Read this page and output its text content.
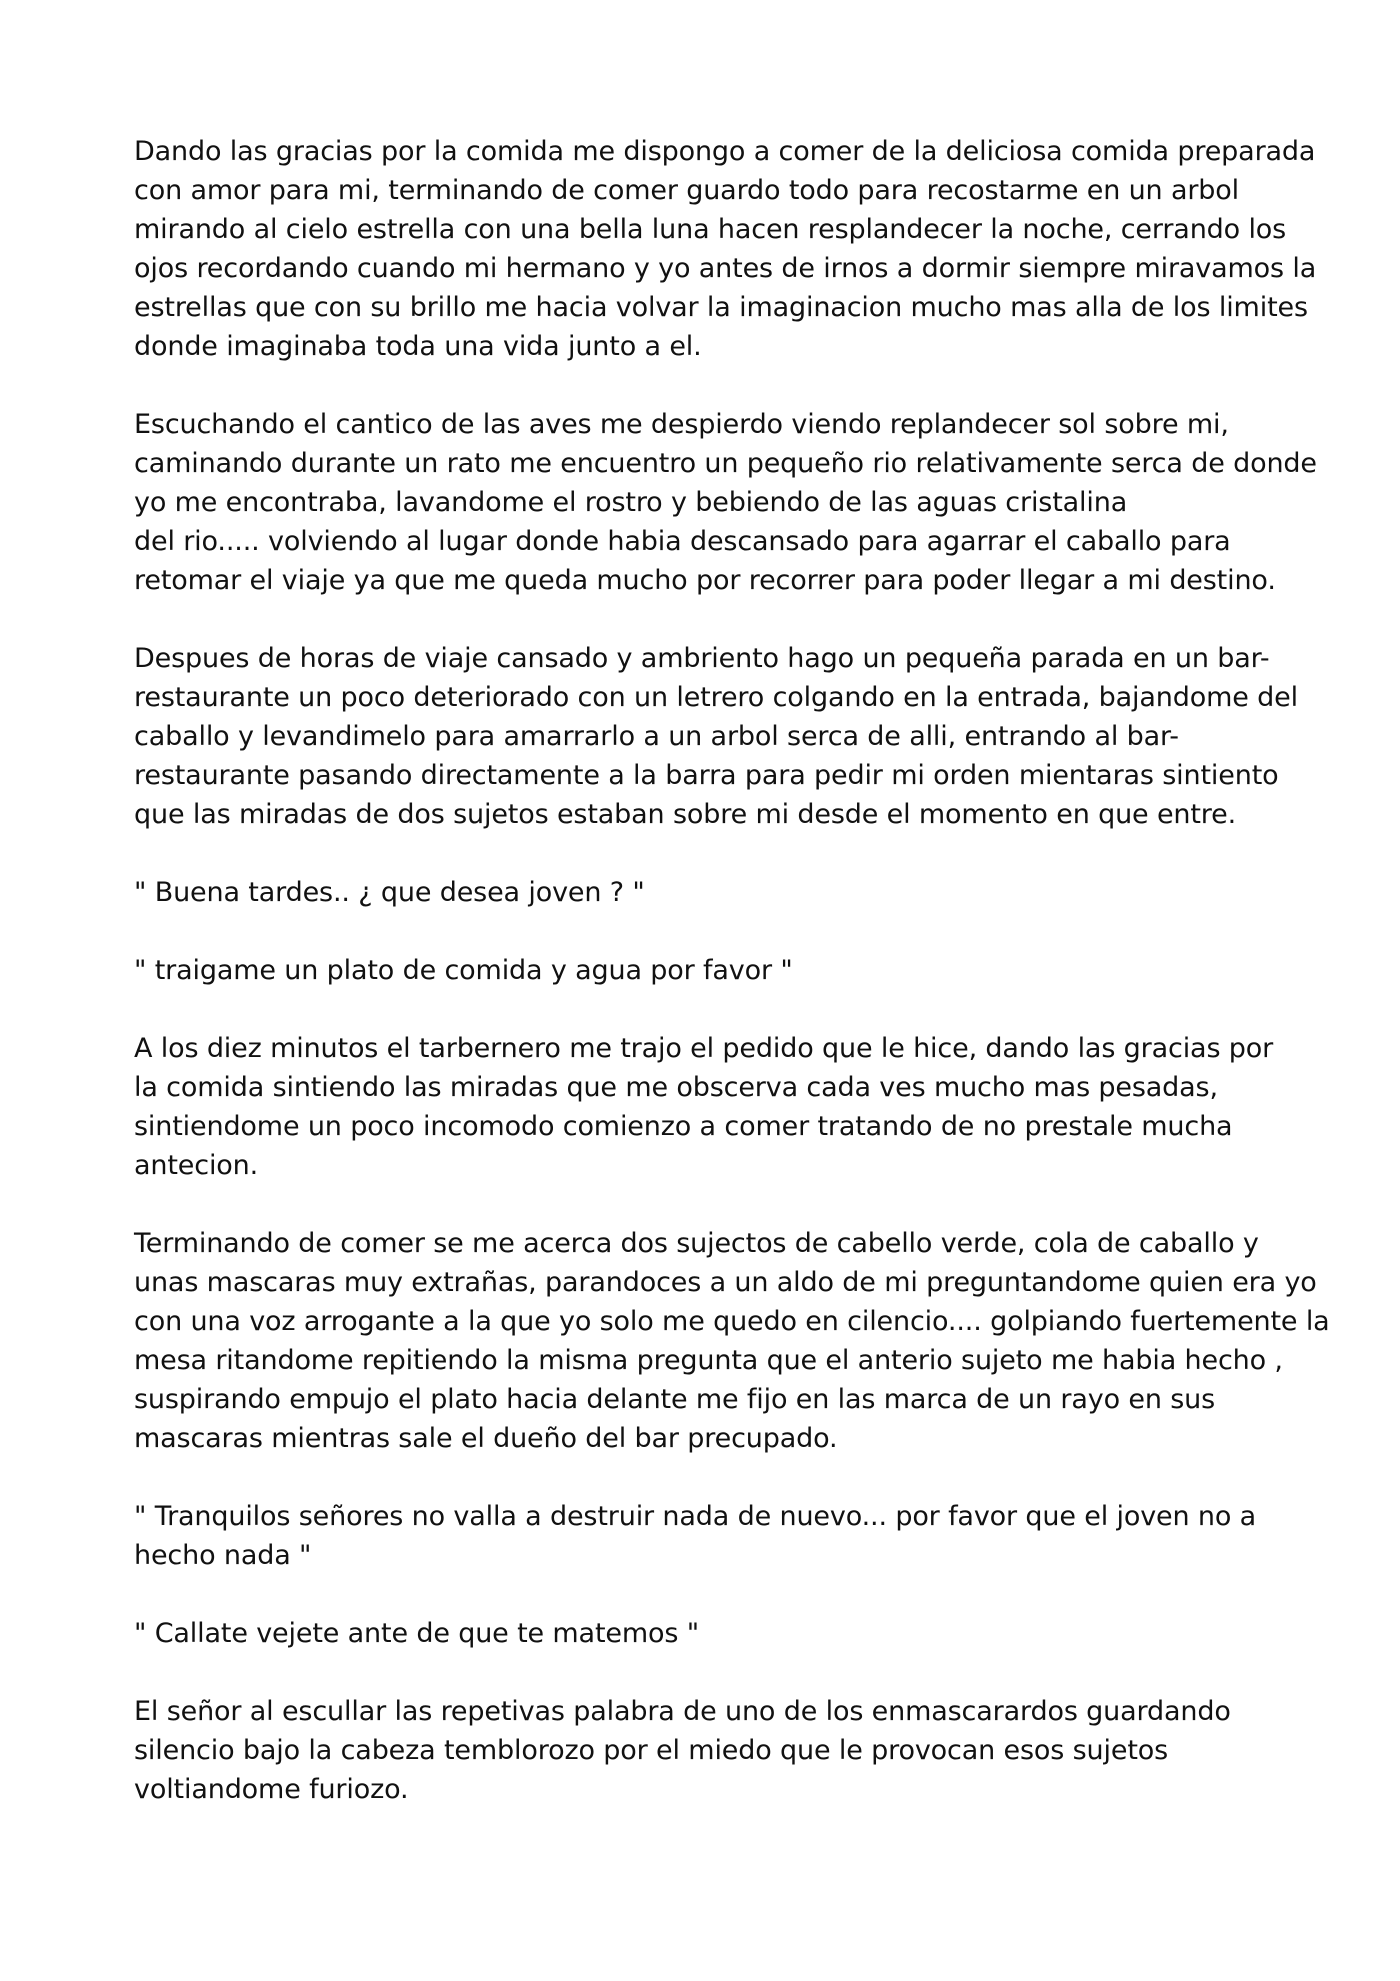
Dando las gracias por la comida me dispongo a comer de la deliciosa comida preparada
con amor para mi, terminando de comer guardo todo para recostarme en un arbol
mirando al cielo estrella con una bella luna hacen resplandecer la noche, cerrando los
ojos recordando cuando mi hermano y yo antes de irnos a dormir siempre miravamos la
estrellas que con su brillo me hacia volvar la imaginacion mucho mas alla de los limites
donde imaginaba toda una vida junto a el.
Escuchando el cantico de las aves me despierdo viendo replandecer sol sobre mi,
caminando durante un rato me encuentro un pequeño rio relativamente serca de donde
yo me encontraba, lavandome el rostro y bebiendo de las aguas cristalina
del rio..... volviendo al lugar donde habia descansado para agarrar el caballo para
retomar el viaje ya que me queda mucho por recorrer para poder llegar a mi destino.
Despues de horas de viaje cansado y ambriento hago un pequeña parada en un bar-
restaurante un poco deteriorado con un letrero colgando en la entrada, bajandome del
caballo y levandimelo para amarrarlo a un arbol serca de alli, entrando al bar-
restaurante pasando directamente a la barra para pedir mi orden mientaras sintiento
que las miradas de dos sujetos estaban sobre mi desde el momento en que entre.
" Buena tardes.. ¿ que desea joven ? "
" traigame un plato de comida y agua por favor "
A los diez minutos el tarbernero me trajo el pedido que le hice, dando las gracias por
la comida sintiendo las miradas que me obscerva cada ves mucho mas pesadas,
sintiendome un poco incomodo comienzo a comer tratando de no prestale mucha
antecion.
Terminando de comer se me acerca dos sujectos de cabello verde, cola de caballo y
unas mascaras muy extrañas, parandoces a un aldo de mi preguntandome quien era yo
con una voz arrogante a la que yo solo me quedo en cilencio.... golpiando fuertemente la
mesa ritandome repitiendo la misma pregunta que el anterio sujeto me habia hecho ,
suspirando empujo el plato hacia delante me fijo en las marca de un rayo en sus
mascaras mientras sale el dueño del bar precupado.
" Tranquilos señores no valla a destruir nada de nuevo... por favor que el joven no a
hecho nada "
" Callate vejete ante de que te matemos "
El señor al escullar las repetivas palabra de uno de los enmascarardos guardando
silencio bajo la cabeza temblorozo por el miedo que le provocan esos sujetos
voltiandome furiozo.
